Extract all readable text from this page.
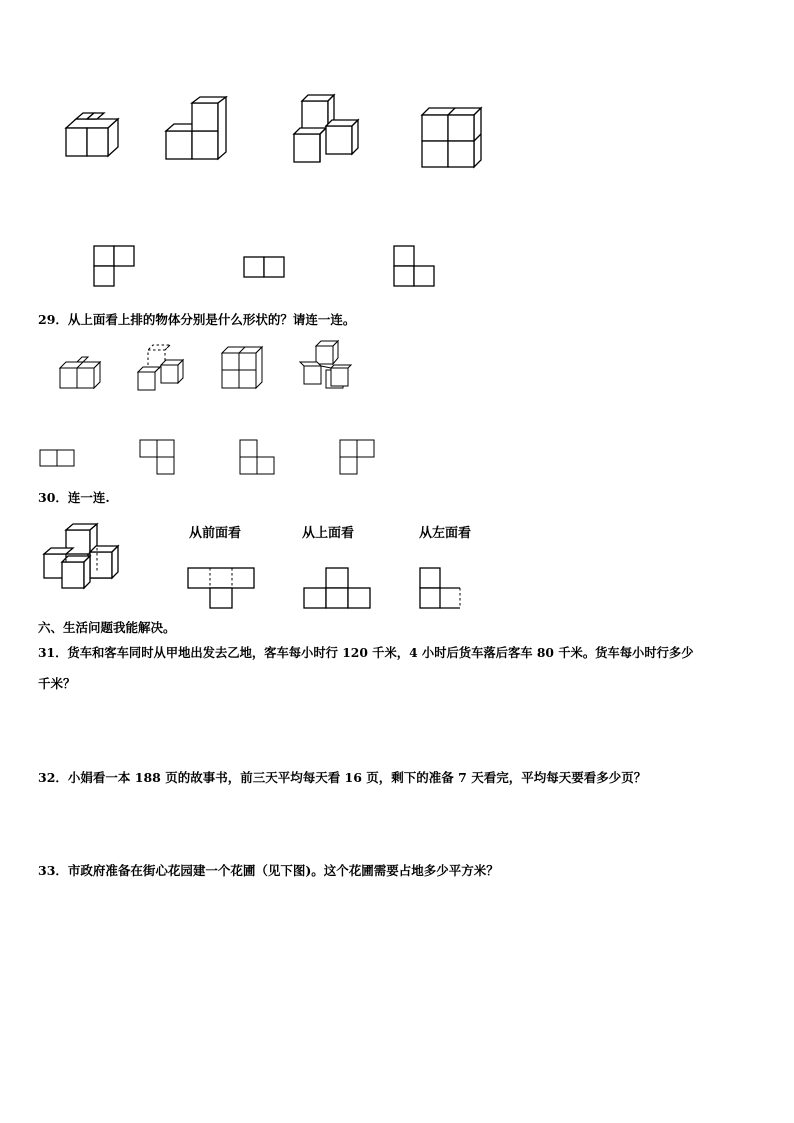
29．从上面看上排的物体分别是什么形状的？请连一连。
30．连一连.
从前面看	从上面看	从左面看
六、生活问题我能解决。
31．货车和客车同时从甲地出发去乙地，客车每小时行 120 千米，4 小时后货车落后客车 80 千米。货车每小时行多少
千米？
32．小娟看一本 188 页的故事书，前三天平均每天看 16 页，剩下的准备 7 天看完，平均每天要看多少页？
33．市政府准备在街心花园建一个花圃（见下图)。这个花圃需要占地多少平方米？
